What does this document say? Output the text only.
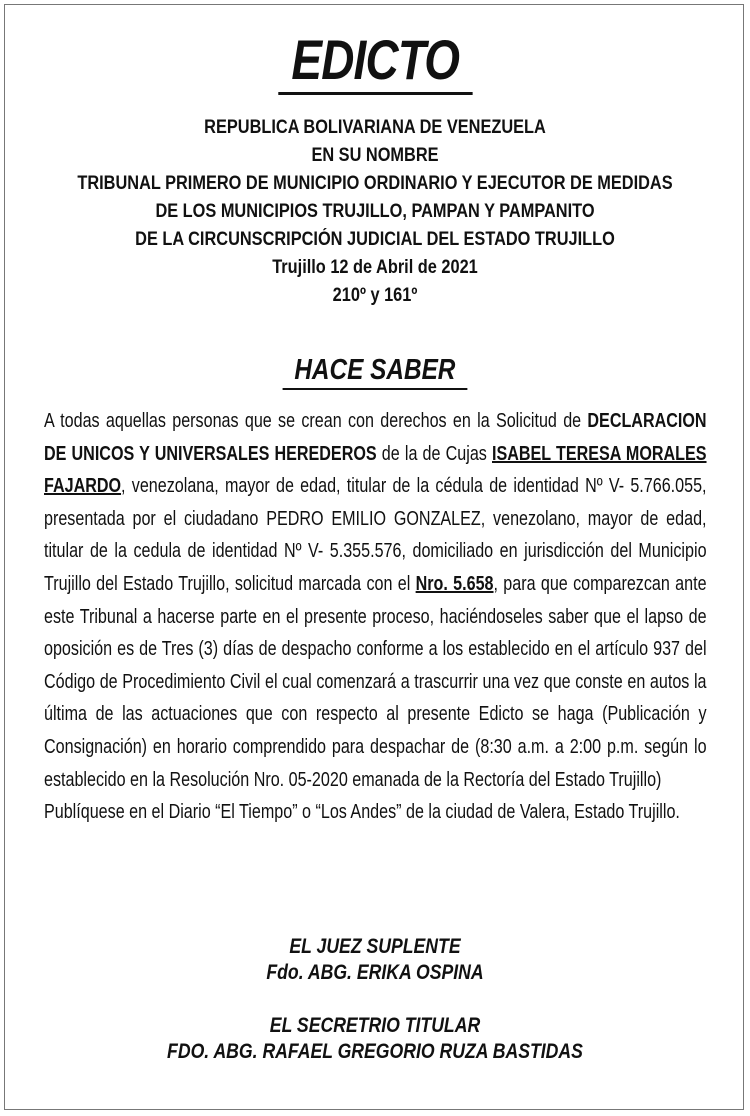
EDICTO
REPUBLICA BOLIVARIANA DE VENEZUELA
EN SU NOMBRE
TRIBUNAL PRIMERO DE MUNICIPIO ORDINARIO Y EJECUTOR DE MEDIDAS
DE LOS MUNICIPIOS TRUJILLO, PAMPAN Y PAMPANITO
DE LA CIRCUNSCRIPCIÓN JUDICIAL DEL ESTADO TRUJILLO
Trujillo 12 de Abril de 2021
210º y 161º
HACE SABER

A todas aquellas personas que se crean con derechos en la Solicitud de DECLARACION DE UNICOS Y UNIVERSALES HEREDEROS de la de Cujas ISABEL TERESA MORALES FAJARDO, venezolana, mayor de edad, titular de la cédula de identidad Nº V- 5.766.055, presentada por el ciudadano PEDRO EMILIO GONZALEZ, venezolano, mayor de edad, titular de la cedula de identidad Nº V- 5.355.576, domiciliado en jurisdicción del Municipio Trujillo del Estado Trujillo, solicitud marcada con el Nro. 5.658, para que comparezcan ante este Tribunal a hacerse parte en el presente proceso, haciéndoseles saber que el lapso de oposición es de Tres (3) días de despacho conforme a los establecido en el artículo 937 del Código de Procedimiento Civil el cual comenzará a trascurrir una vez que conste en autos la última de las actuaciones que con respecto al presente Edicto se haga (Publicación y Consignación) en horario comprendido para despachar de (8:30 a.m. a 2:00 p.m. según lo establecido en la Resolución Nro. 05-2020 emanada de la Rectoría del Estado Trujillo)

Publíquese en el Diario “El Tiempo” o “Los Andes” de la ciudad de Valera, Estado Trujillo.

EL JUEZ SUPLENTE
Fdo. ABG. ERIKA OSPINA
EL SECRETRIO TITULAR
FDO. ABG. RAFAEL GREGORIO RUZA BASTIDAS
